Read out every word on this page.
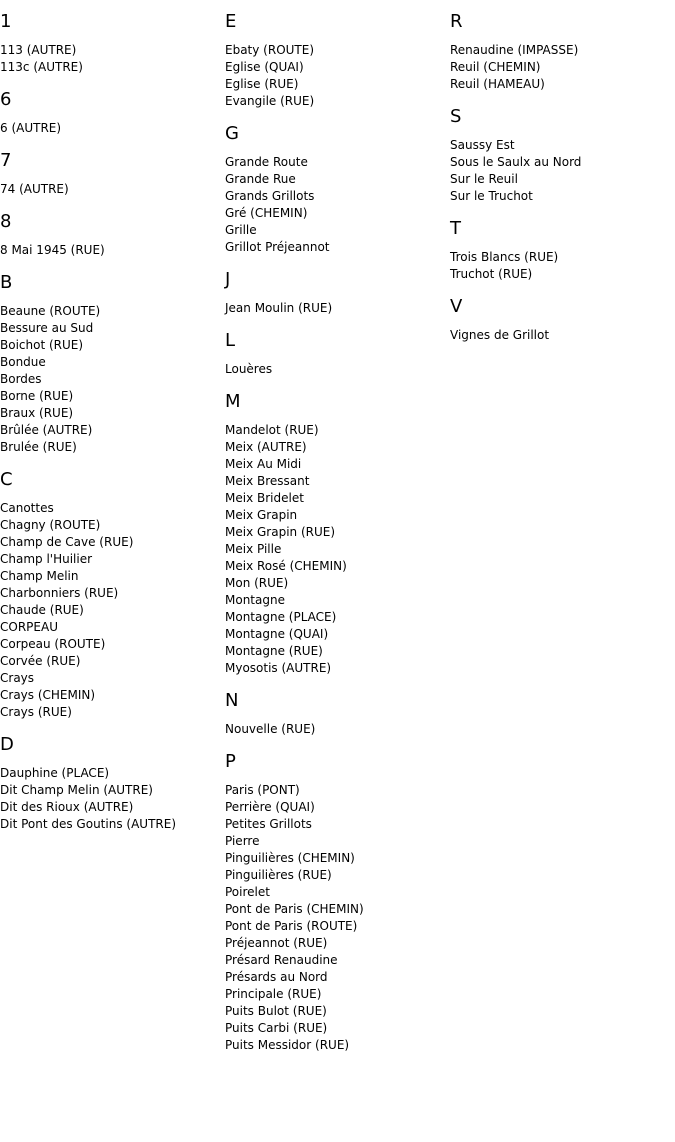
1
113 (AUTRE)
113c (AUTRE)
6
6 (AUTRE)
7
74 (AUTRE)
8
8 Mai 1945 (RUE)
B
Beaune (ROUTE)
Bessure au Sud
Boichot (RUE)
Bondue
Bordes
Borne (RUE)
Braux (RUE)
Brûlée (AUTRE)
Brulée (RUE)
C
Canottes
Chagny (ROUTE)
Champ de Cave (RUE)
Champ l'Huilier
Champ Melin
Charbonniers (RUE)
Chaude (RUE)
CORPEAU
Corpeau (ROUTE)
Corvée (RUE)
Crays
Crays (CHEMIN)
Crays (RUE)
D
Dauphine (PLACE)
Dit Champ Melin (AUTRE)
Dit des Rioux (AUTRE)
Dit Pont des Goutins (AUTRE)
E
Ebaty (ROUTE)
Eglise (QUAI)
Eglise (RUE)
Evangile (RUE)
G
Grande Route
Grande Rue
Grands Grillots
Gré (CHEMIN)
Grille
Grillot Préjeannot
J
Jean Moulin (RUE)
L
Louères
M
Mandelot (RUE)
Meix (AUTRE)
Meix Au Midi
Meix Bressant
Meix Bridelet
Meix Grapin
Meix Grapin (RUE)
Meix Pille
Meix Rosé (CHEMIN)
Mon (RUE)
Montagne
Montagne (PLACE)
Montagne (QUAI)
Montagne (RUE)
Myosotis (AUTRE)
N
Nouvelle (RUE)
P
Paris (PONT)
Perrière (QUAI)
Petites Grillots
Pierre
Pinguilières (CHEMIN)
Pinguilières (RUE)
Poirelet
Pont de Paris (CHEMIN)
Pont de Paris (ROUTE)
Préjeannot (RUE)
Présard Renaudine
Présards au Nord
Principale (RUE)
Puits Bulot (RUE)
Puits Carbi (RUE)
Puits Messidor (RUE)
R
Renaudine (IMPASSE)
Reuil (CHEMIN)
Reuil (HAMEAU)
S
Saussy Est
Sous le Saulx au Nord
Sur le Reuil
Sur le Truchot
T
Trois Blancs (RUE)
Truchot (RUE)
V
Vignes de Grillot
